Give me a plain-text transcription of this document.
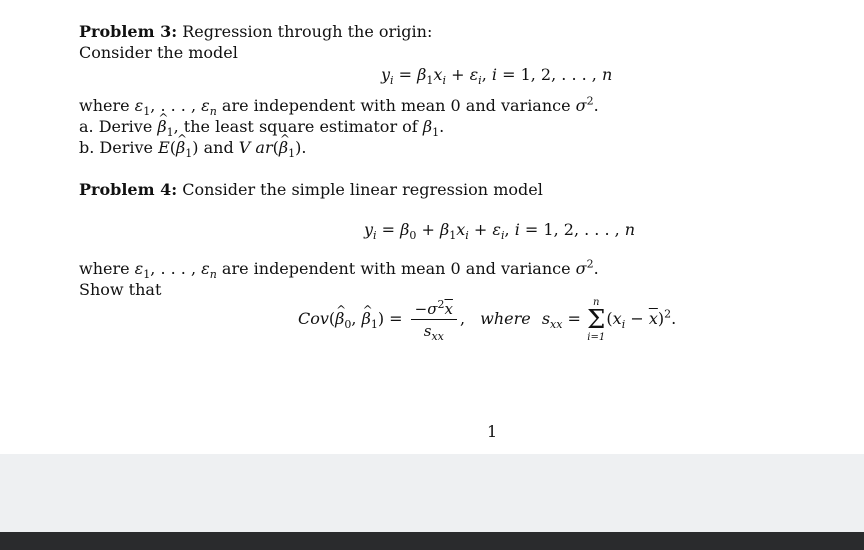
Problem 3: Regression through the origin:
Consider the model
$y_i = \beta_1x_i + \varepsilon_i$, i = 1, 2, . . . , n
where $\varepsilon_1$, . . . , $\varepsilon_n$ are independent with mean 0 and variance $\sigma^2$.
a. Derive ^ $\beta_1$, the least square estimator of $\beta_1$.
b. Derive E(^ $\beta_1$) and V ar(^ $\beta_1$).
Problem 4: Consider the simple linear regression model
$y_i = \beta_0 + \beta_1x_i + \varepsilon_i$, i = 1, 2, . . . , n
where $\varepsilon_1$, . . . , $\varepsilon_n$ are independent with mean 0 and variance $\sigma^2$.
Show that
Cov(^ $\beta_0$, ^ $\beta_1) = \frac{-\sigma^2\overline{x}}{s_{xx}}$ , where $s_{xx}$ =
n
Σ
i=1
$(x_i - \overline{x})^2$.
1
